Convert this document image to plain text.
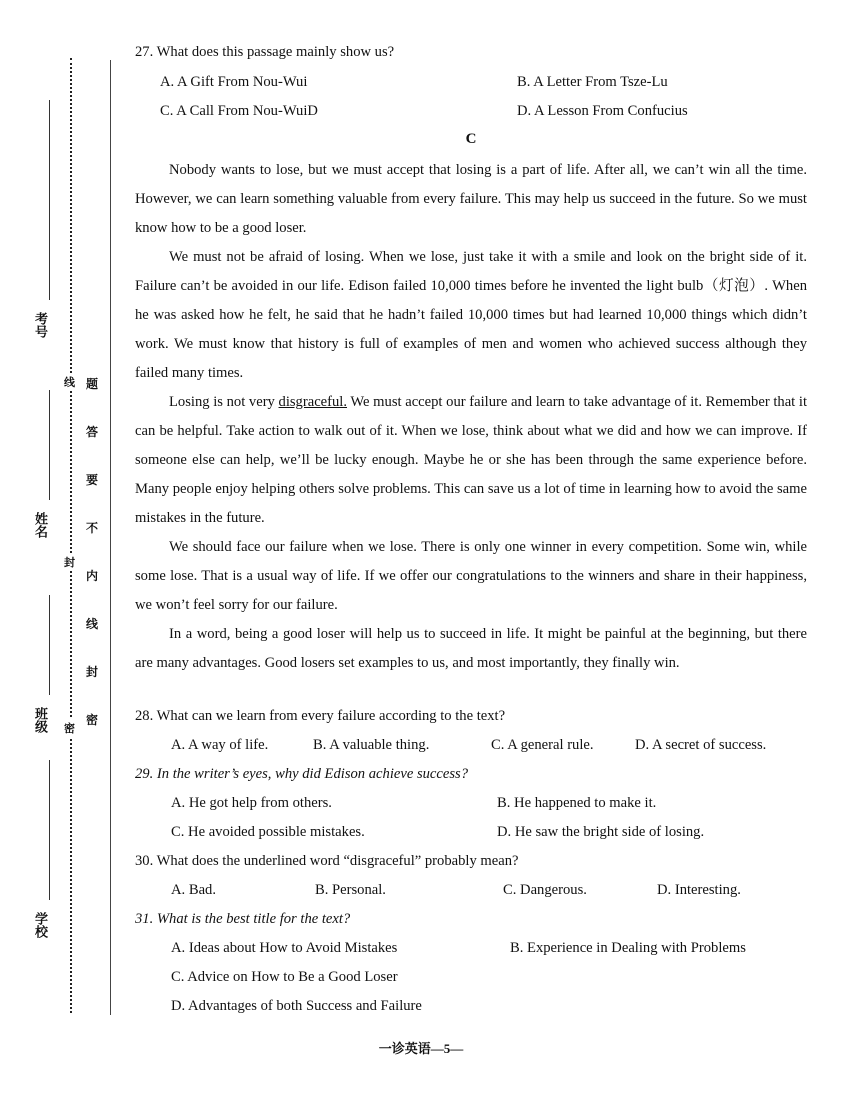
考号
姓名
班级
学校
线
封
密
题
答
要
不
内
线
封
密
27. What does this passage mainly show us?
A. A Gift From Nou-Wui	B. A Letter From Tsze-Lu
C. A Call From Nou-WuiD	D. A Lesson From Confucius
C
Nobody wants to lose, but we must accept that losing is a part of life. After all, we can’t win all the time. However, we can learn something valuable from every failure. This may help us succeed in the future. So we must know how to be a good loser.
We must not be afraid of losing. When we lose, just take it with a smile and look on the bright side of it. Failure can’t be avoided in our life. Edison failed 10,000 times before he invented the light bulb（灯泡）. When he was asked how he felt, he said that he hadn’t failed 10,000 times but had learned 10,000 things which didn’t work. We must know that history is full of examples of men and women who achieved success although they failed many times.
Losing is not very disgraceful. We must accept our failure and learn to take advantage of it. Remember that it can be helpful. Take action to walk out of it. When we lose, think about what we did and how we can improve. If someone else can help, we’ll be lucky enough. Maybe he or she has been through the same experience before. Many people enjoy helping others solve problems. This can save us a lot of time in learning how to avoid the same mistakes in the future.
We should face our failure when we lose. There is only one winner in every competition. Some win, while some lose. That is a usual way of life. If we offer our congratulations to the winners and share in their happiness, we won’t feel sorry for our failure.
In a word, being a good loser will help us to succeed in life. It might be painful at the beginning, but there are many advantages. Good losers set examples to us, and most importantly, they finally win.
28. What can we learn from every failure according to the text?
A. A way of life.	B. A valuable thing.	C. A general rule.	D. A secret of success.
29. In the writer’s eyes, why did Edison achieve success?
A. He got help from others.	B. He happened to make it.
C. He avoided possible mistakes.	D. He saw the bright side of losing.
30. What does the underlined word “disgraceful” probably mean?
A. Bad.	B. Personal.	C. Dangerous.	D. Interesting.
31. What is the best title for the text?
A. Ideas about How to Avoid Mistakes	B. Experience in Dealing with Problems
C. Advice on How to Be a Good Loser
D. Advantages of both Success and Failure
一诊英语—5—
